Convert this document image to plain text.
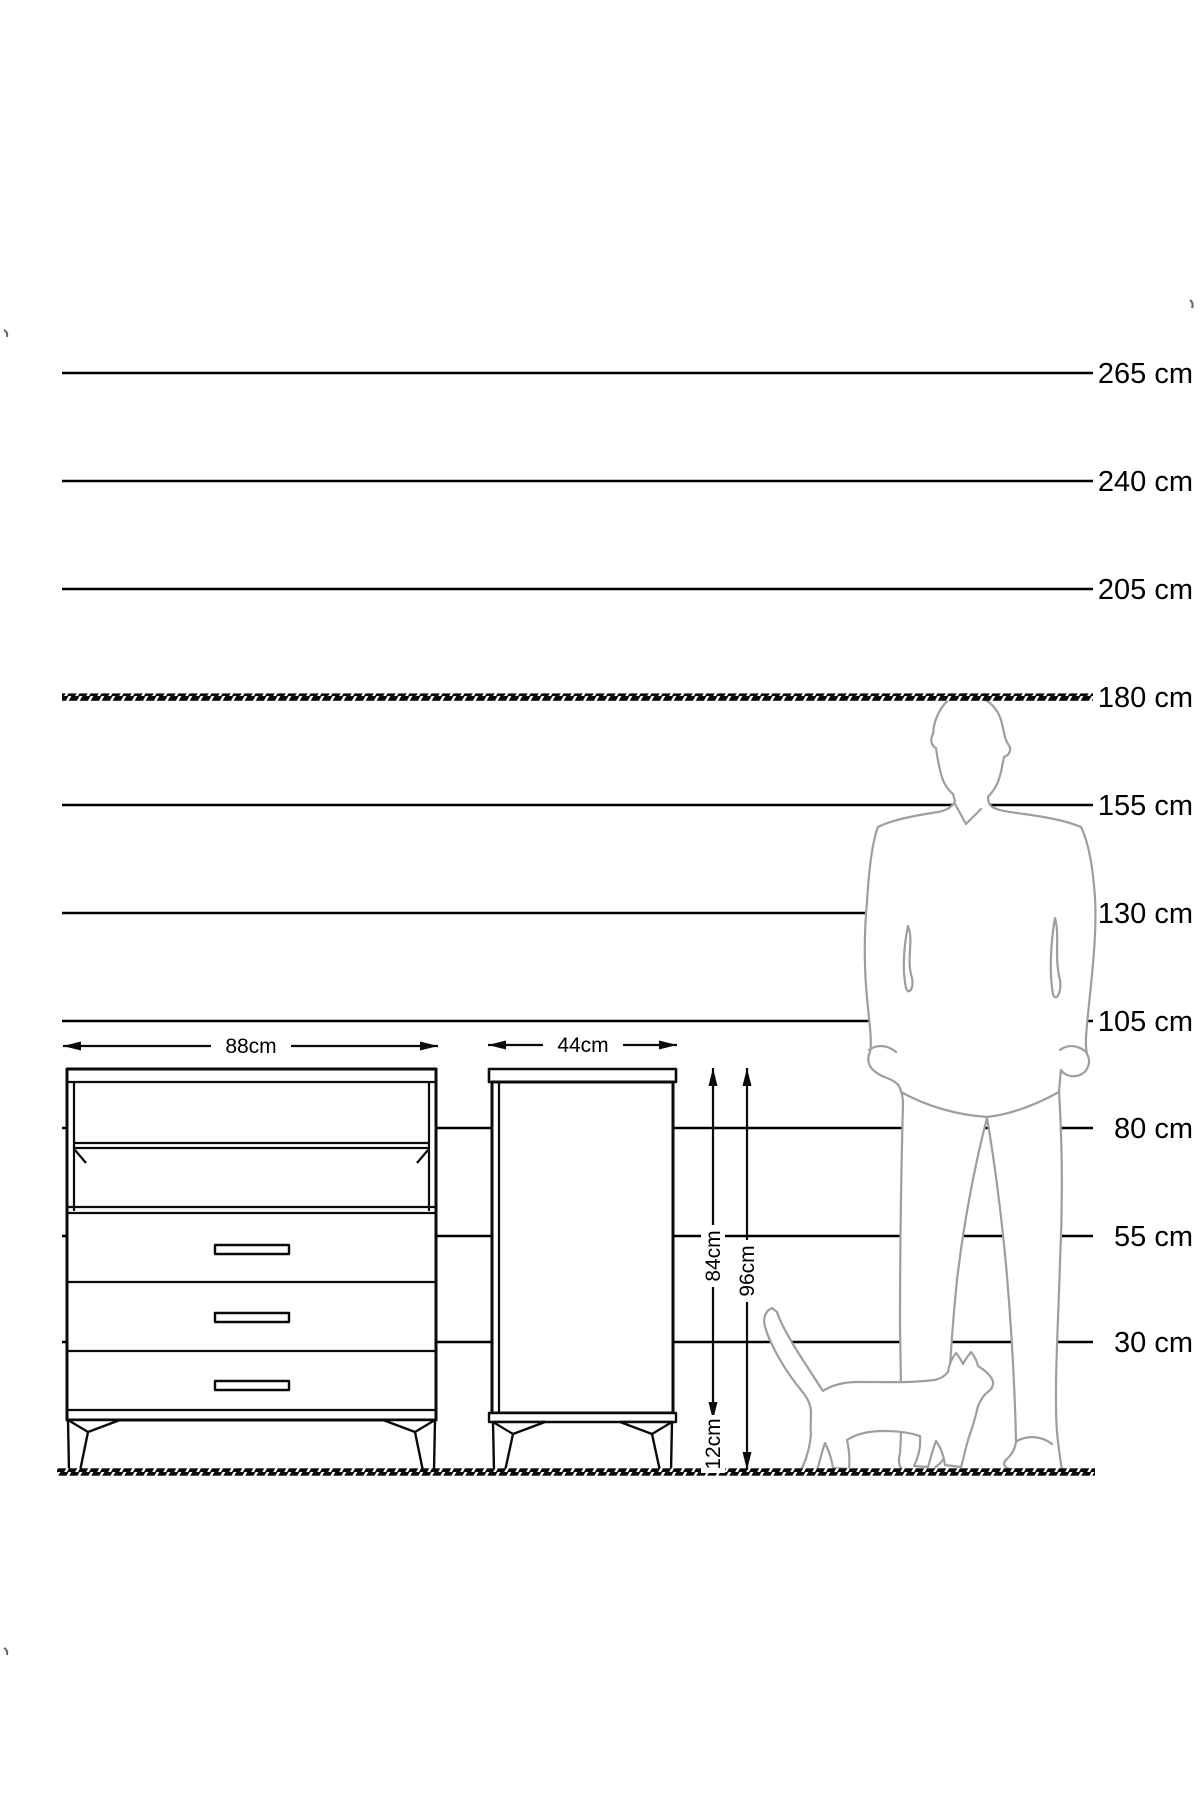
88cm	44cm
84cm 96cm
12cm
265 cm
240 cm
205 cm
180 cm
155 cm
130 cm
105 cm
80 cm
55 cm
30 cm
